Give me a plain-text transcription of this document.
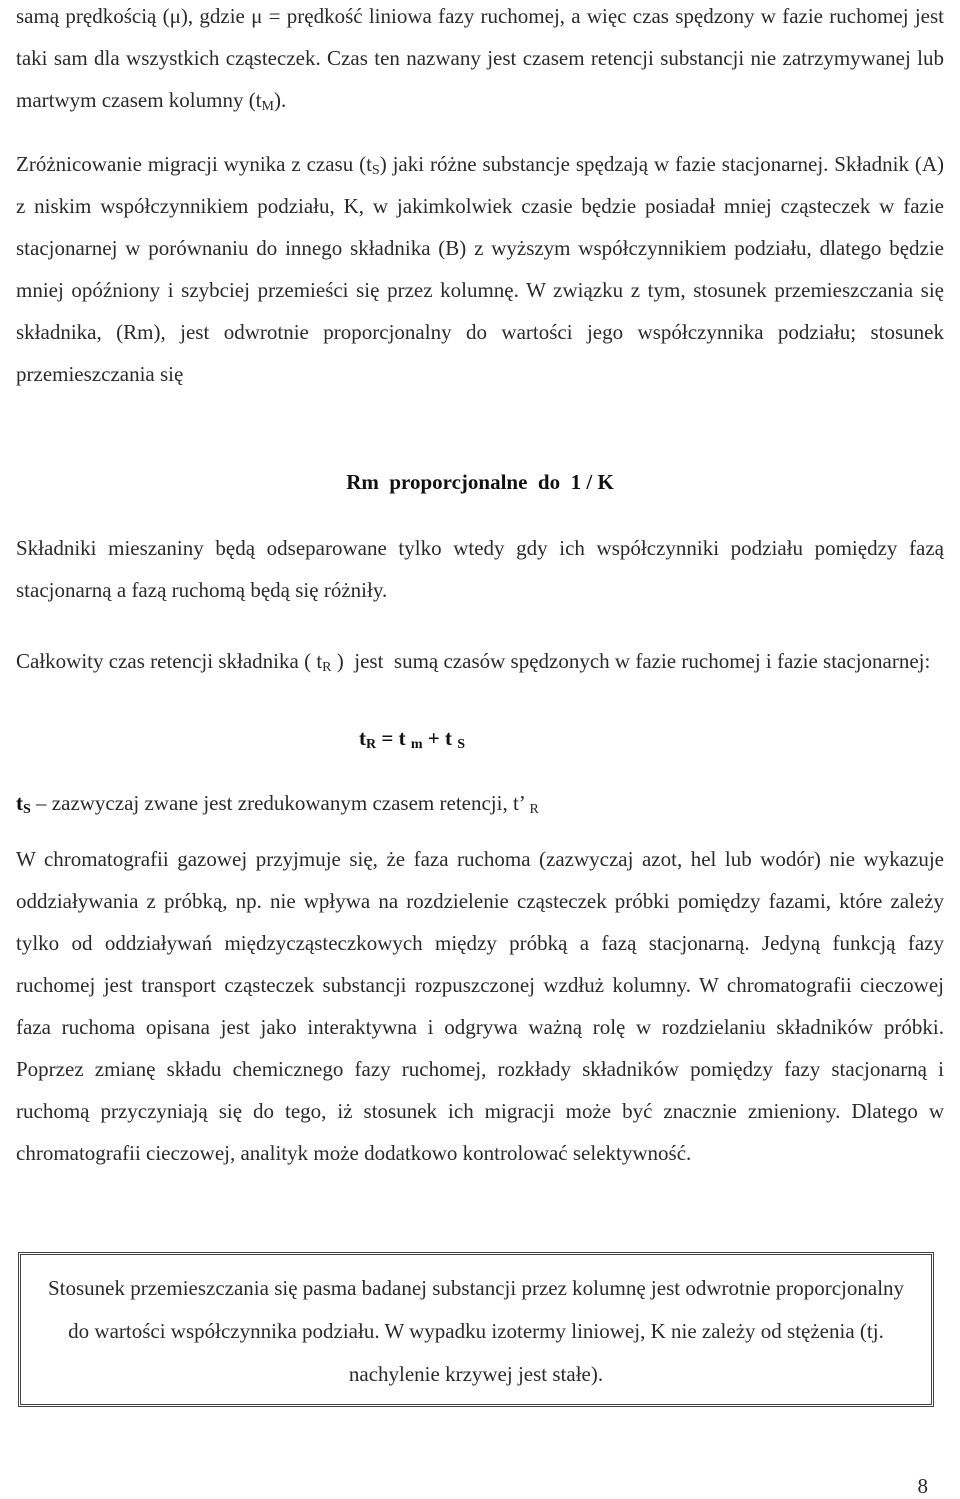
samą prędkością (μ), gdzie μ = prędkość liniowa fazy ruchomej, a więc czas spędzony w fazie ruchomej jest taki sam dla wszystkich cząsteczek. Czas ten nazwany jest czasem retencji substancji nie zatrzymywanej lub martwym czasem kolumny $(t_M)$.

Zróżnicowanie migracji wynika z czasu $(t_S)$ jaki różne substancje spędzają w fazie stacjonarnej. Składnik (A) z niskim współczynnikiem podziału, K, w jakimkolwiek czasie będzie posiadał mniej cząsteczek w fazie stacjonarnej w porównaniu do innego składnika (B) z wyższym współczynnikiem podziału, dlatego będzie mniej opóźniony i szybciej przemieści się przez kolumnę. W związku z tym, stosunek przemieszczania się składnika, (Rm), jest odwrotnie proporcjonalny do wartości jego współczynnika podziału; stosunek przemieszczania się

Rm  proporcjonalne  do  1 / K

Składniki mieszaniny będą odseparowane tylko wtedy gdy ich współczynniki podziału pomiędzy fazą stacjonarną a fazą ruchomą będą się różniły.

Całkowity czas retencji składnika ( $t_R$ )  jest  sumą czasów spędzonych w fazie ruchomej i fazie stacjonarnej:

$t_R = t$ $_m$ + t $_S$

$t_S$ – zazwyczaj zwane jest zredukowanym czasem retencji, t’ $_R$

W chromatografii gazowej przyjmuje się, że faza ruchoma (zazwyczaj azot, hel lub wodór) nie wykazuje oddziaływania z próbką, np. nie wpływa na rozdzielenie cząsteczek próbki pomiędzy fazami, które zależy tylko od oddziaływań międzycząsteczkowych między próbką a fazą stacjonarną. Jedyną funkcją fazy ruchomej jest transport cząsteczek substancji rozpuszczonej wzdłuż kolumny. W chromatografii cieczowej faza ruchoma opisana jest jako interaktywna i odgrywa ważną rolę w rozdzielaniu składników próbki. Poprzez zmianę składu chemicznego fazy ruchomej, rozkłady składników pomiędzy fazy stacjonarną i ruchomą przyczyniają się do tego, iż stosunek ich migracji może być znacznie zmieniony. Dlatego w chromatografii cieczowej, analityk może dodatkowo kontrolować selektywność.

Stosunek przemieszczania się pasma badanej substancji przez kolumnę jest odwrotnie proporcjonalny do wartości współczynnika podziału. W wypadku izotermy liniowej, K nie zależy od stężenia (tj. nachylenie krzywej jest stałe).
8
